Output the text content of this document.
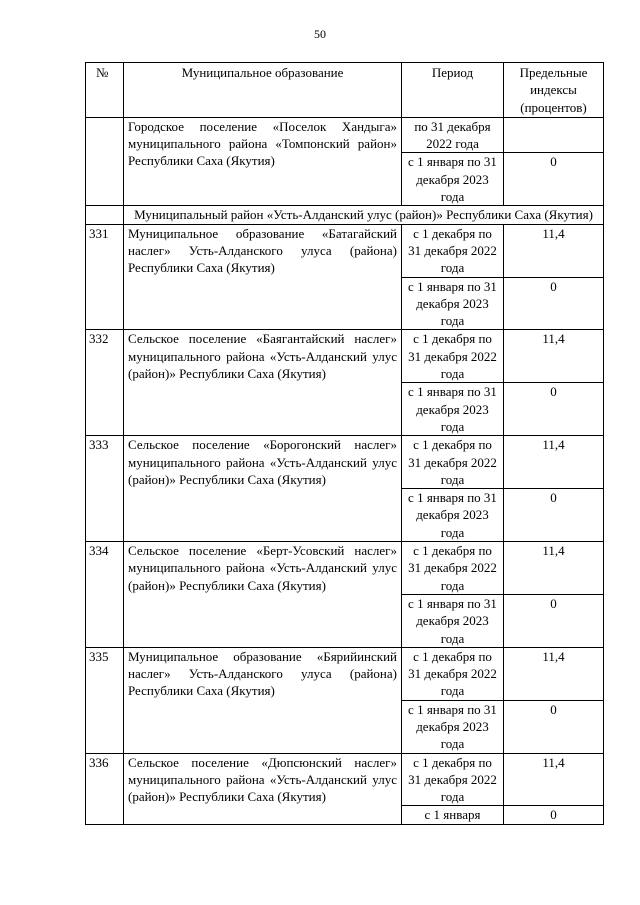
50
№	Муниципальное образование	Период	Предельные индексы (процентов)
	Городское поселение «Поселок Хандыга» муниципального района «Томпонский район» Республики Саха (Якутия)	по 31 декабря 2022 года	
		с 1 января по 31 декабря 2023 года	0
	Муниципальный район «Усть-Алданский улус (район)» Республики Саха (Якутия)		
331	Муниципальное образование «Батагайский наслег» Усть-Алданского улуса (района) Республики Саха (Якутия)	с 1 декабря по 31 декабря 2022 года	11,4
		с 1 января по 31 декабря 2023 года	0
332	Сельское поселение «Баягантайский наслег» муниципального района «Усть-Алданский улус (район)» Республики Саха (Якутия)	с 1 декабря по 31 декабря 2022 года	11,4
		с 1 января по 31 декабря 2023 года	0
333	Сельское поселение «Борогонский наслег» муниципального района «Усть-Алданский улус (район)» Республики Саха (Якутия)	с 1 декабря по 31 декабря 2022 года	11,4
		с 1 января по 31 декабря 2023 года	0
334	Сельское поселение «Берт-Усовский наслег» муниципального района «Усть-Алданский улус (район)» Республики Саха (Якутия)	с 1 декабря по 31 декабря 2022 года	11,4
		с 1 января по 31 декабря 2023 года	0
335	Муниципальное образование «Бярийинский наслег» Усть-Алданского улуса (района) Республики Саха (Якутия)	с 1 декабря по 31 декабря 2022 года	11,4
		с 1 января по 31 декабря 2023 года	0
336	Сельское поселение «Дюпсюнский наслег» муниципального района «Усть-Алданский улус (район)» Республики Саха (Якутия)	с 1 декабря по 31 декабря 2022 года	11,4
		с 1 января	0
